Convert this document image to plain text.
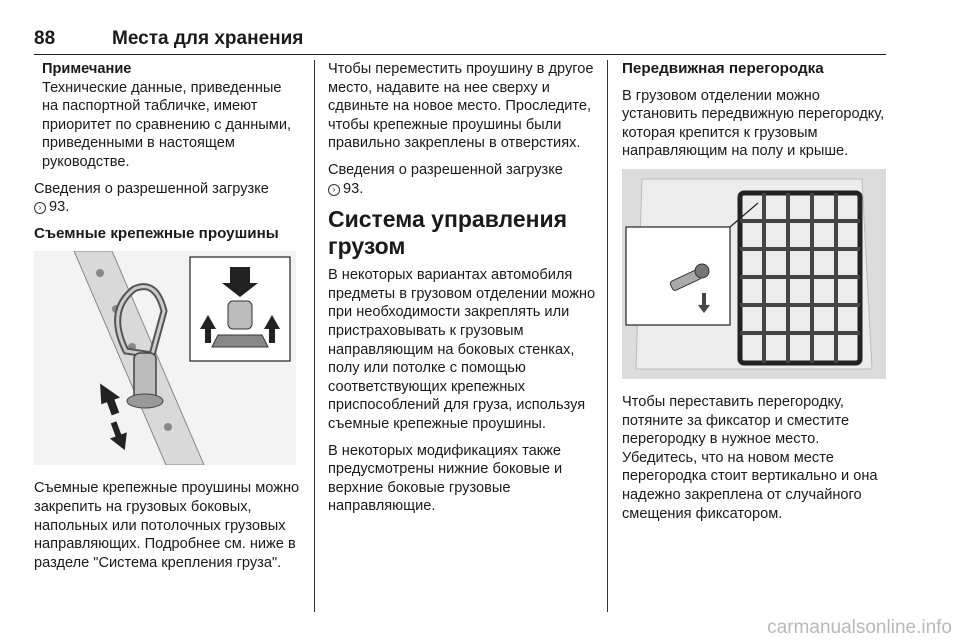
88	Места для хранения
Примечание
Технические данные, приведенные на паспортной табличке, имеют приоритет по сравнению с данными, приведенными в настоящем руководстве.

Сведения о разрешенной загрузке
› 93.

Съемные крепежные проушины

Съемные крепежные проушины можно закрепить на грузовых боковых, напольных или потолочных грузовых направляющих. Подробнее см. ниже в разделе "Система крепления груза".

Чтобы переместить проушину в другое место, надавите на нее сверху и сдвиньте на новое место. Проследите, чтобы крепежные проушины были правильно закреплены в отверстиях.

Сведения о разрешенной загрузке
› 93.

Система управления грузом

В некоторых вариантах автомобиля предметы в грузовом отделении можно при необходимости закреплять или пристраховывать к грузовым направляющим на боковых стенках, полу или потолке с помощью соответствующих крепежных приспособлений для груза, используя съемные крепежные проушины.

В некоторых модификациях также предусмотрены нижние боковые и верхние боковые грузовые направляющие.

Передвижная перегородка

В грузовом отделении можно установить передвижную перегородку, которая крепится к грузовым направляющим на полу и крыше.

Чтобы переставить перегородку, потяните за фиксатор и сместите перегородку в нужное место. Убедитесь, что на новом месте перегородка стоит вертикально и она надежно закреплена от случайного смещения фиксатором.

carmanualsonline.info
